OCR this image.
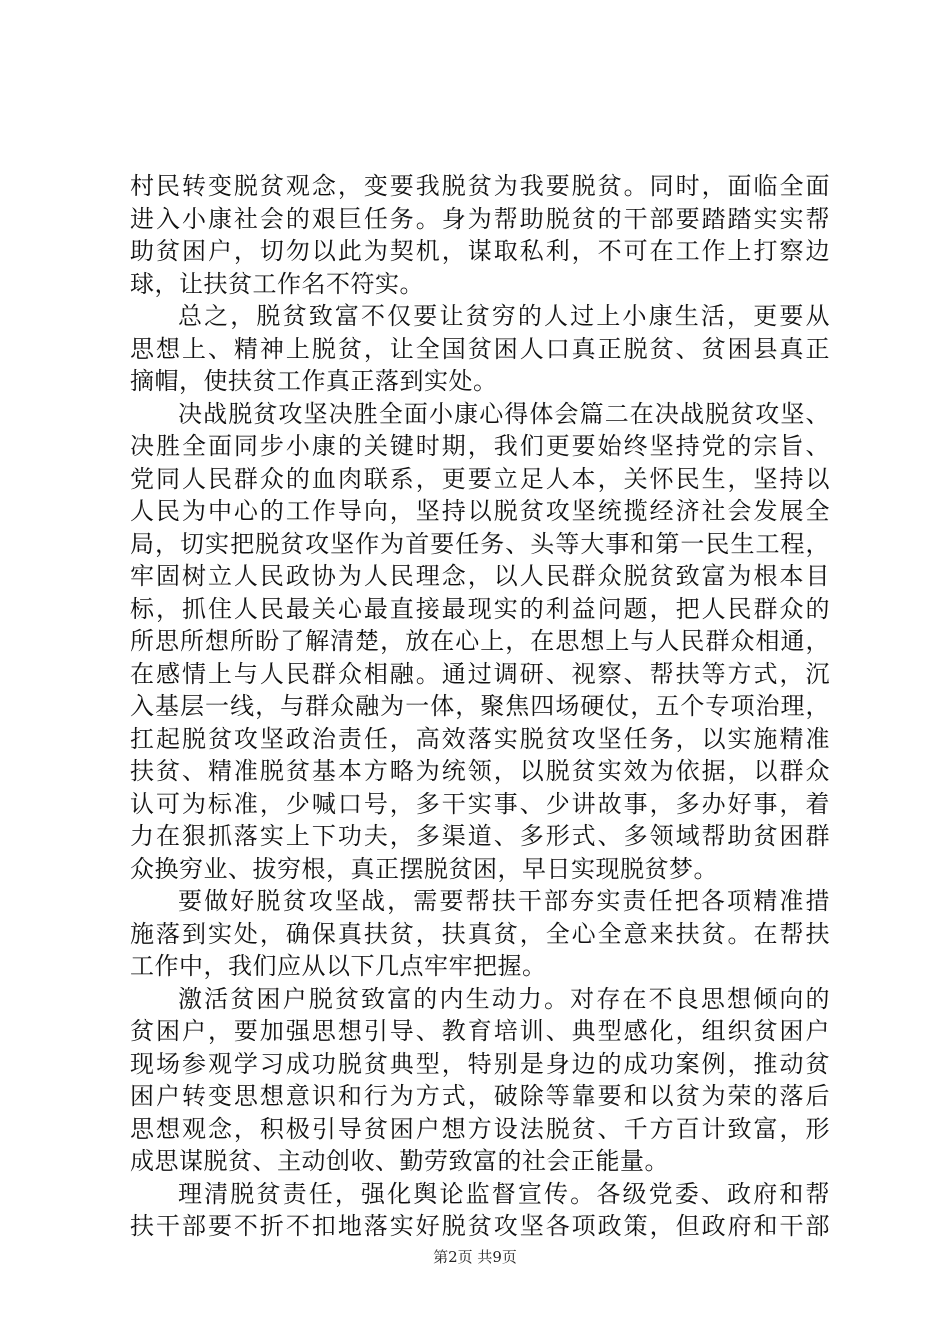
村民转变脱贫观念，变要我脱贫为我要脱贫。同时，面临全面
进入小康社会的艰巨任务。身为帮助脱贫的干部要踏踏实实帮
助贫困户，切勿以此为契机，谋取私利，不可在工作上打察边
球，让扶贫工作名不符实。
总之，脱贫致富不仅要让贫穷的人过上小康生活，更要从
思想上、精神上脱贫，让全国贫困人口真正脱贫、贫困县真正
摘帽，使扶贫工作真正落到实处。
决战脱贫攻坚决胜全面小康心得体会篇二在决战脱贫攻坚、
决胜全面同步小康的关键时期，我们更要始终坚持党的宗旨、
党同人民群众的血肉联系，更要立足人本，关怀民生，坚持以
人民为中心的工作导向，坚持以脱贫攻坚统揽经济社会发展全
局，切实把脱贫攻坚作为首要任务、头等大事和第一民生工程，
牢固树立人民政协为人民理念，以人民群众脱贫致富为根本目
标，抓住人民最关心最直接最现实的利益问题，把人民群众的
所思所想所盼了解清楚，放在心上，在思想上与人民群众相通，
在感情上与人民群众相融。通过调研、视察、帮扶等方式，沉
入基层一线，与群众融为一体，聚焦四场硬仗，五个专项治理，
扛起脱贫攻坚政治责任，高效落实脱贫攻坚任务，以实施精准
扶贫、精准脱贫基本方略为统领，以脱贫实效为依据，以群众
认可为标准，少喊口号，多干实事、少讲故事，多办好事，着
力在狠抓落实上下功夫，多渠道、多形式、多领域帮助贫困群
众换穷业、拔穷根，真正摆脱贫困，早日实现脱贫梦。
要做好脱贫攻坚战，需要帮扶干部夯实责任把各项精准措
施落到实处，确保真扶贫，扶真贫，全心全意来扶贫。在帮扶
工作中，我们应从以下几点牢牢把握。
激活贫困户脱贫致富的内生动力。对存在不良思想倾向的
贫困户，要加强思想引导、教育培训、典型感化，组织贫困户
现场参观学习成功脱贫典型，特别是身边的成功案例，推动贫
困户转变思想意识和行为方式，破除等靠要和以贫为荣的落后
思想观念，积极引导贫困户想方设法脱贫、千方百计致富，形
成思谋脱贫、主动创收、勤劳致富的社会正能量。
理清脱贫责任，强化舆论监督宣传。各级党委、政府和帮
扶干部要不折不扣地落实好脱贫攻坚各项政策，但政府和干部
第2页 共9页
